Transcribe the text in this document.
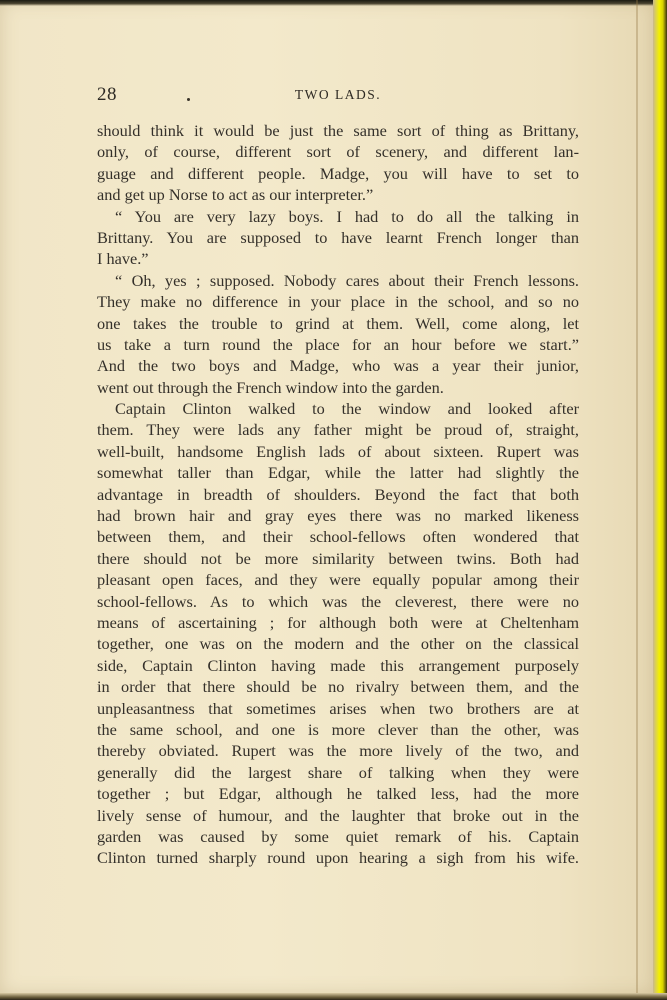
28	TWO LADS.
should think it would be just the same sort of thing as Brittany,
only, of course, different sort of scenery, and different lan-
guage and different people. Madge, you will have to set to
and get up Norse to act as our interpreter.”
“ You are very lazy boys. I had to do all the talking in
Brittany. You are supposed to have learnt French longer than
I have.”
“ Oh, yes ; supposed. Nobody cares about their French lessons.
They make no difference in your place in the school, and so no
one takes the trouble to grind at them. Well, come along, let
us take a turn round the place for an hour before we start.”
And the two boys and Madge, who was a year their junior,
went out through the French window into the garden.
Captain Clinton walked to the window and looked after
them. They were lads any father might be proud of, straight,
well-built, handsome English lads of about sixteen. Rupert was
somewhat taller than Edgar, while the latter had slightly the
advantage in breadth of shoulders. Beyond the fact that both
had brown hair and gray eyes there was no marked likeness
between them, and their school-fellows often wondered that
there should not be more similarity between twins. Both had
pleasant open faces, and they were equally popular among their
school-fellows. As to which was the cleverest, there were no
means of ascertaining ; for although both were at Cheltenham
together, one was on the modern and the other on the classical
side, Captain Clinton having made this arrangement purposely
in order that there should be no rivalry between them, and the
unpleasantness that sometimes arises when two brothers are at
the same school, and one is more clever than the other, was
thereby obviated. Rupert was the more lively of the two, and
generally did the largest share of talking when they were
together ; but Edgar, although he talked less, had the more
lively sense of humour, and the laughter that broke out in the
garden was caused by some quiet remark of his. Captain
Clinton turned sharply round upon hearing a sigh from his wife.
